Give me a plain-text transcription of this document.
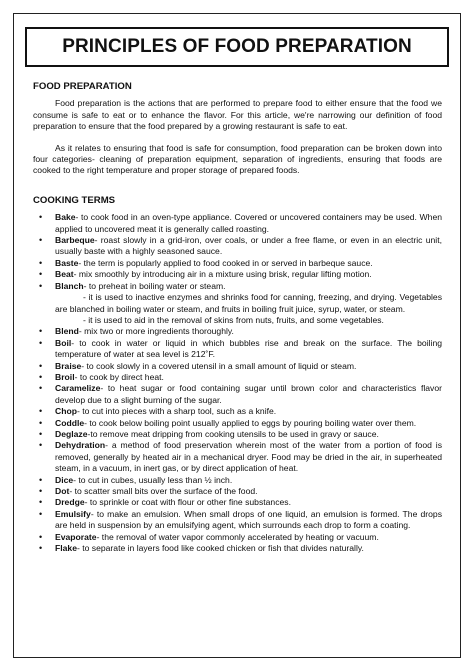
PRINCIPLES OF FOOD PREPARATION

FOOD PREPARATION

Food preparation is the actions that are performed to prepare food to either ensure that the food we consume is safe to eat or to enhance the flavor. For this article, we're narrowing our definition of food preparation to ensure that the food prepared by a growing restaurant is safe to eat.

As it relates to ensuring that food is safe for consumption, food preparation can be broken down into four categories- cleaning of preparation equipment, separation of ingredients, ensuring that foods are cooked to the right temperature and proper storage of prepared foods.

COOKING TERMS

• Bake- to cook food in an oven-type appliance. Covered or uncovered containers may be used. When applied to uncovered meat it is generally called roasting.
• Barbeque- roast slowly in a grid-iron, over coals, or under a free flame, or even in an electric unit, usually baste with a highly seasoned sauce.
• Baste- the term is popularly applied to food cooked in or served in barbeque sauce.
• Beat- mix smoothly by introducing air in a mixture using brisk, regular lifting motion.
• Blanch- to preheat in boiling water or steam.
- it is used to inactive enzymes and shrinks food for canning, freezing, and drying. Vegetables are blanched in boiling water or steam, and fruits in boiling fruit juice, syrup, water, or steam.
- it is used to aid in the removal of skins from nuts, fruits, and some vegetables.
• Blend- mix two or more ingredients thoroughly.
• Boil- to cook in water or liquid in which bubbles rise and break on the surface. The boiling temperature of water at sea level is 212˚F.
• Braise- to cook slowly in a covered utensil in a small amount of liquid or steam.
• Broil- to cook by direct heat.
• Caramelize- to heat sugar or food containing sugar until brown color and characteristics flavor develop due to a slight burning of the sugar.
• Chop- to cut into pieces with a sharp tool, such as a knife.
• Coddle- to cook below boiling point usually applied to eggs by pouring boiling water over them.
• Deglaze-to remove meat dripping from cooking utensils to be used in gravy or sauce.
• Dehydration- a method of food preservation wherein most of the water from a portion of food is removed, generally by heated air in a mechanical dryer. Food may be dried in the air, in superheated steam, in a vacuum, in inert gas, or by direct application of heat.
• Dice- to cut in cubes, usually less than ½ inch.
• Dot- to scatter small bits over the surface of the food.
• Dredge- to sprinkle or coat with flour or other fine substances.
• Emulsify- to make an emulsion. When small drops of one liquid, an emulsion is formed. The drops are held in suspension by an emulsifying agent, which surrounds each drop to form a coating.
• Evaporate- the removal of water vapor commonly accelerated by heating or vacuum.
• Flake- to separate in layers food like cooked chicken or fish that divides naturally.
